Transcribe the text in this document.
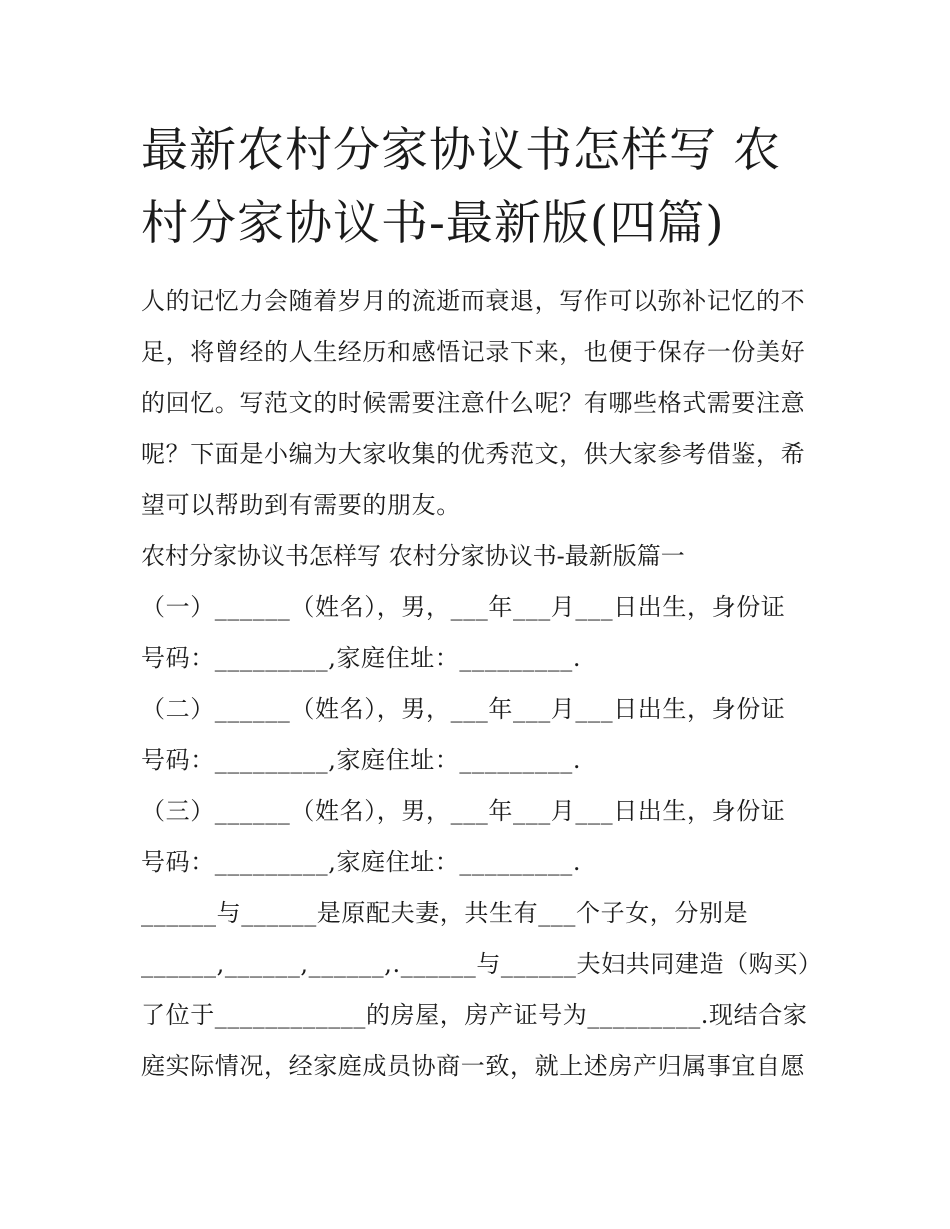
最新农村分家协议书怎样写 农村分家协议书-最新版(四篇)

人的记忆力会随着岁月的流逝而衰退，写作可以弥补记忆的不足，将曾经的人生经历和感悟记录下来，也便于保存一份美好的回忆。写范文的时候需要注意什么呢？有哪些格式需要注意呢？下面是小编为大家收集的优秀范文，供大家参考借鉴，希望可以帮助到有需要的朋友。

农村分家协议书怎样写 农村分家协议书-最新版篇一

（一）______（姓名），男，___年___月___日出生，身份证

号码：_________,家庭住址：_________.

（二）______（姓名），男，___年___月___日出生，身份证

号码：_________,家庭住址：_________.

（三）______（姓名），男，___年___月___日出生，身份证

号码：_________,家庭住址：_________.

______与______是原配夫妻，共生有___个子女，分别是

______,______,______,.______与______夫妇共同建造（购买）

了位于____________的房屋，房产证号为_________.现结合家

庭实际情况，经家庭成员协商一致，就上述房产归属事宜自愿
